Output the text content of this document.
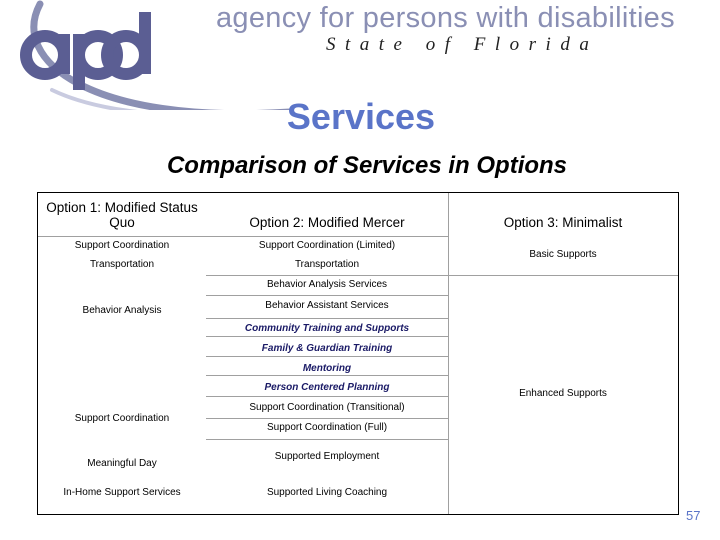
agency for persons with disabilities
State of Florida
Services
Comparison of Services in Options
Option 1: Modified Status Quo	Option 2: Modified Mercer	Option 3: Minimalist
Support Coordination
Transportation
Behavior Analysis
Support Coordination
Meaningful Day
In-Home Support Services
Support Coordination (Limited)
Transportation
Behavior Analysis Services
Behavior Assistant Services
Community Training and Supports
Family & Guardian Training
Mentoring
Person Centered Planning
Support Coordination (Transitional)
Support Coordination (Full)
Supported Employment
Supported Living Coaching
Basic Supports
Enhanced Supports
57
